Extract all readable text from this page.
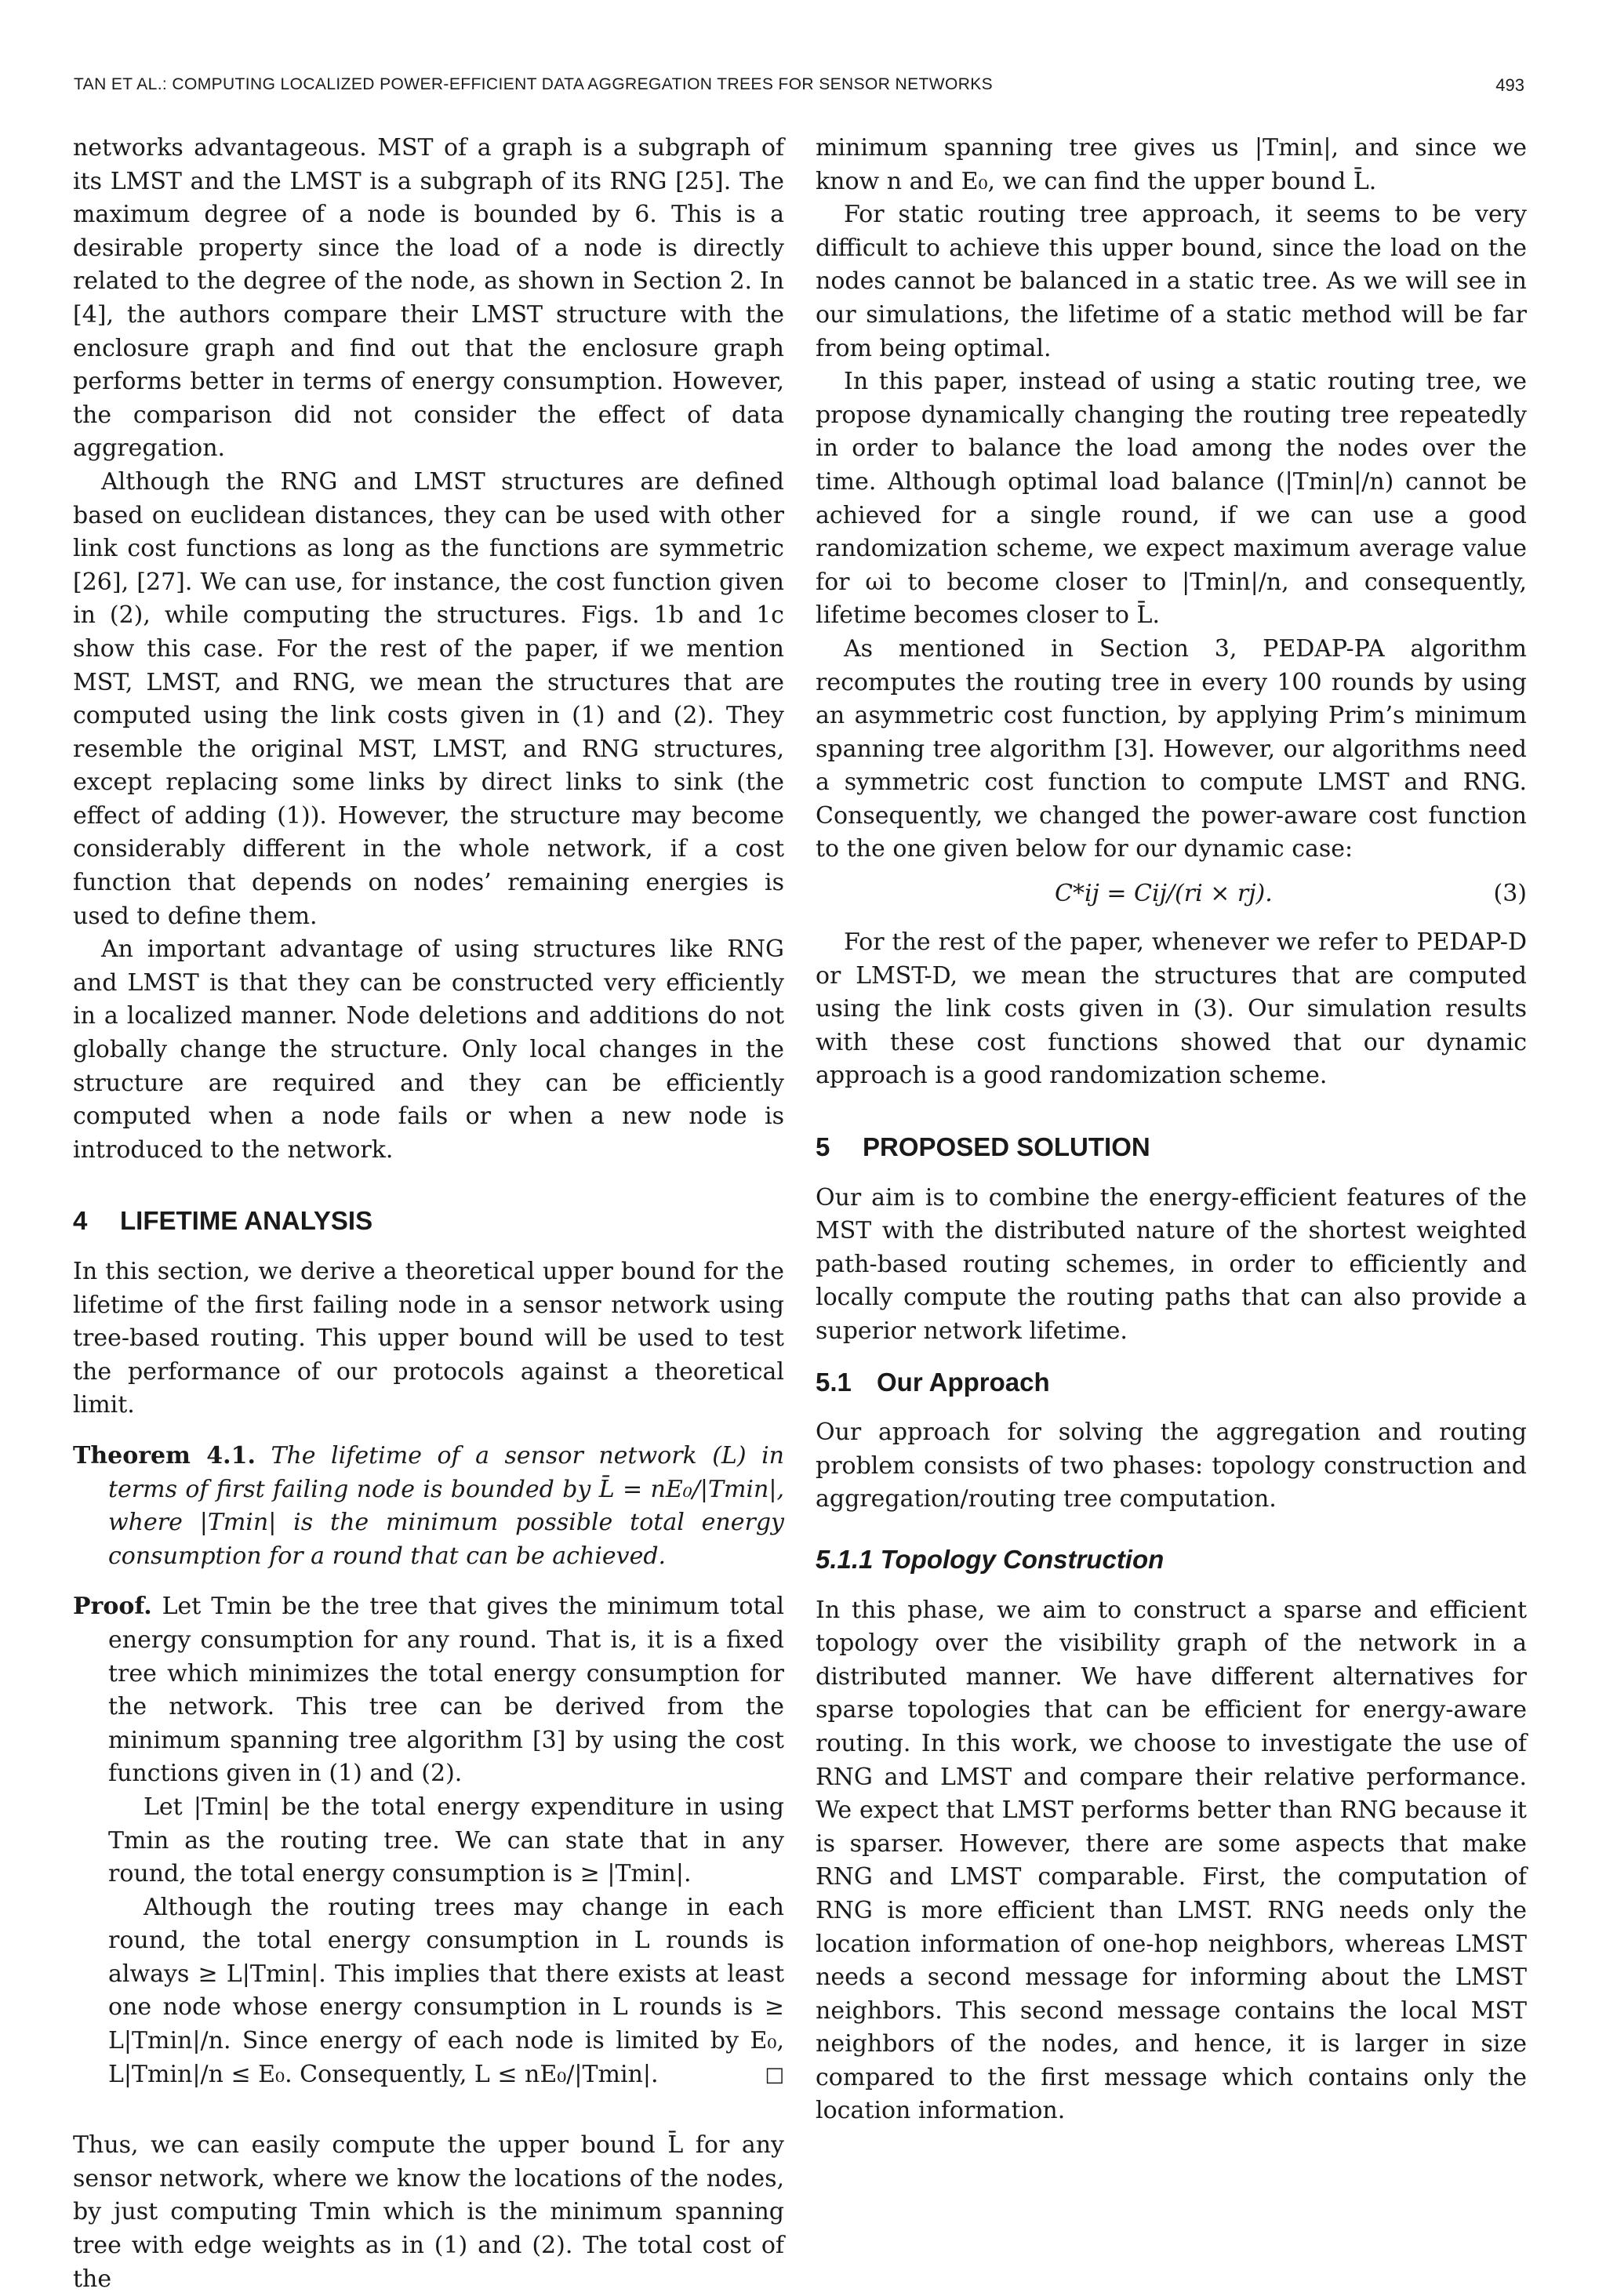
TAN ET AL.: COMPUTING LOCALIZED POWER-EFFICIENT DATA AGGREGATION TREES FOR SENSOR NETWORKS	493

networks advantageous. MST of a graph is a subgraph of its LMST and the LMST is a subgraph of its RNG [25]. The maximum degree of a node is bounded by 6. This is a desirable property since the load of a node is directly related to the degree of the node, as shown in Section 2. In [4], the authors compare their LMST structure with the enclosure graph and find out that the enclosure graph performs better in terms of energy consumption. However, the comparison did not consider the effect of data aggregation.

Although the RNG and LMST structures are defined based on euclidean distances, they can be used with other link cost functions as long as the functions are symmetric [26], [27]. We can use, for instance, the cost function given in (2), while computing the structures. Figs. 1b and 1c show this case. For the rest of the paper, if we mention MST, LMST, and RNG, we mean the structures that are computed using the link costs given in (1) and (2). They resemble the original MST, LMST, and RNG structures, except replacing some links by direct links to sink (the effect of adding (1)). However, the structure may become considerably different in the whole network, if a cost function that depends on nodes’ remaining energies is used to define them.

An important advantage of using structures like RNG and LMST is that they can be constructed very efficiently in a localized manner. Node deletions and additions do not globally change the structure. Only local changes in the structure are required and they can be efficiently computed when a node fails or when a new node is introduced to the network.

4 LIFETIME ANALYSIS

In this section, we derive a theoretical upper bound for the lifetime of the first failing node in a sensor network using tree-based routing. This upper bound will be used to test the performance of our protocols against a theoretical limit.

Theorem 4.1. The lifetime of a sensor network (L) in terms of first failing node is bounded by L̄ = nE₀/|Tmin|, where |Tmin| is the minimum possible total energy consumption for a round that can be achieved.

Proof. Let Tmin be the tree that gives the minimum total energy consumption for any round. That is, it is a fixed tree which minimizes the total energy consumption for the network. This tree can be derived from the minimum spanning tree algorithm [3] by using the cost functions given in (1) and (2).

Let |Tmin| be the total energy expenditure in using Tmin as the routing tree. We can state that in any round, the total energy consumption is ≥ |Tmin|.

Although the routing trees may change in each round, the total energy consumption in L rounds is always ≥ L|Tmin|. This implies that there exists at least one node whose energy consumption in L rounds is ≥ L|Tmin|/n. Since energy of each node is limited by E₀, L|Tmin|/n ≤ E₀. Consequently, L ≤ nE₀/|Tmin|.	□

Thus, we can easily compute the upper bound L̄ for any sensor network, where we know the locations of the nodes, by just computing Tmin which is the minimum spanning tree with edge weights as in (1) and (2). The total cost of the

minimum spanning tree gives us |Tmin|, and since we know n and E₀, we can find the upper bound L̄.

For static routing tree approach, it seems to be very difficult to achieve this upper bound, since the load on the nodes cannot be balanced in a static tree. As we will see in our simulations, the lifetime of a static method will be far from being optimal.

In this paper, instead of using a static routing tree, we propose dynamically changing the routing tree repeatedly in order to balance the load among the nodes over the time. Although optimal load balance (|Tmin|/n) cannot be achieved for a single round, if we can use a good randomization scheme, we expect maximum average value for ωi to become closer to |Tmin|/n, and consequently, lifetime becomes closer to L̄.

As mentioned in Section 3, PEDAP-PA algorithm recomputes the routing tree in every 100 rounds by using an asymmetric cost function, by applying Prim’s minimum spanning tree algorithm [3]. However, our algorithms need a symmetric cost function to compute LMST and RNG. Consequently, we changed the power-aware cost function to the one given below for our dynamic case:

C*ij = Cij/(ri × rj).	(3)

For the rest of the paper, whenever we refer to PEDAP-D or LMST-D, we mean the structures that are computed using the link costs given in (3). Our simulation results with these cost functions showed that our dynamic approach is a good randomization scheme.

5 PROPOSED SOLUTION

Our aim is to combine the energy-efficient features of the MST with the distributed nature of the shortest weighted path-based routing schemes, in order to efficiently and locally compute the routing paths that can also provide a superior network lifetime.

5.1 Our Approach

Our approach for solving the aggregation and routing problem consists of two phases: topology construction and aggregation/routing tree computation.

5.1.1 Topology Construction

In this phase, we aim to construct a sparse and efficient topology over the visibility graph of the network in a distributed manner. We have different alternatives for sparse topologies that can be efficient for energy-aware routing. In this work, we choose to investigate the use of RNG and LMST and compare their relative performance. We expect that LMST performs better than RNG because it is sparser. However, there are some aspects that make RNG and LMST comparable. First, the computation of RNG is more efficient than LMST. RNG needs only the location information of one-hop neighbors, whereas LMST needs a second message for informing about the LMST neighbors. This second message contains the local MST neighbors of the nodes, and hence, it is larger in size compared to the first message which contains only the location information.
